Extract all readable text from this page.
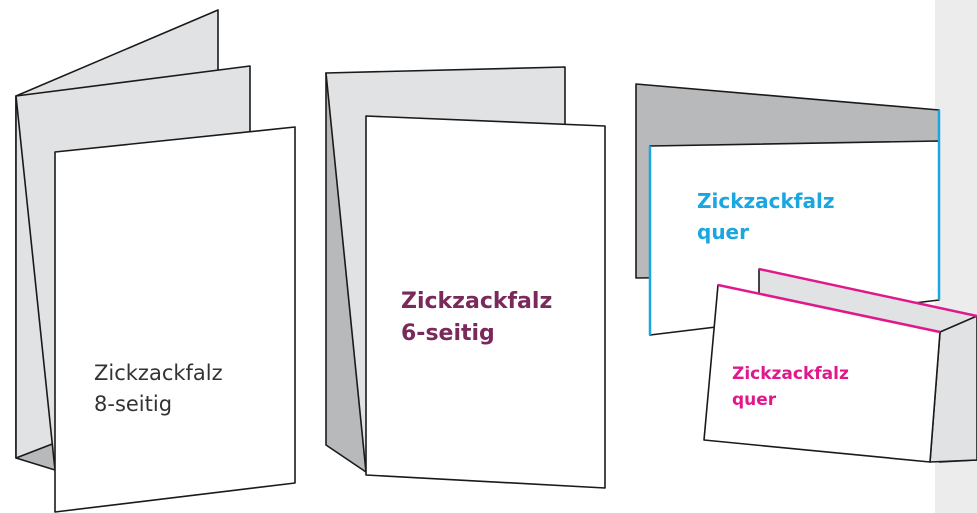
Zickzackfalz
8-seitig
Zickzackfalz
6-seitig
Zickzackfalz
quer
Zickzackfalz
quer
